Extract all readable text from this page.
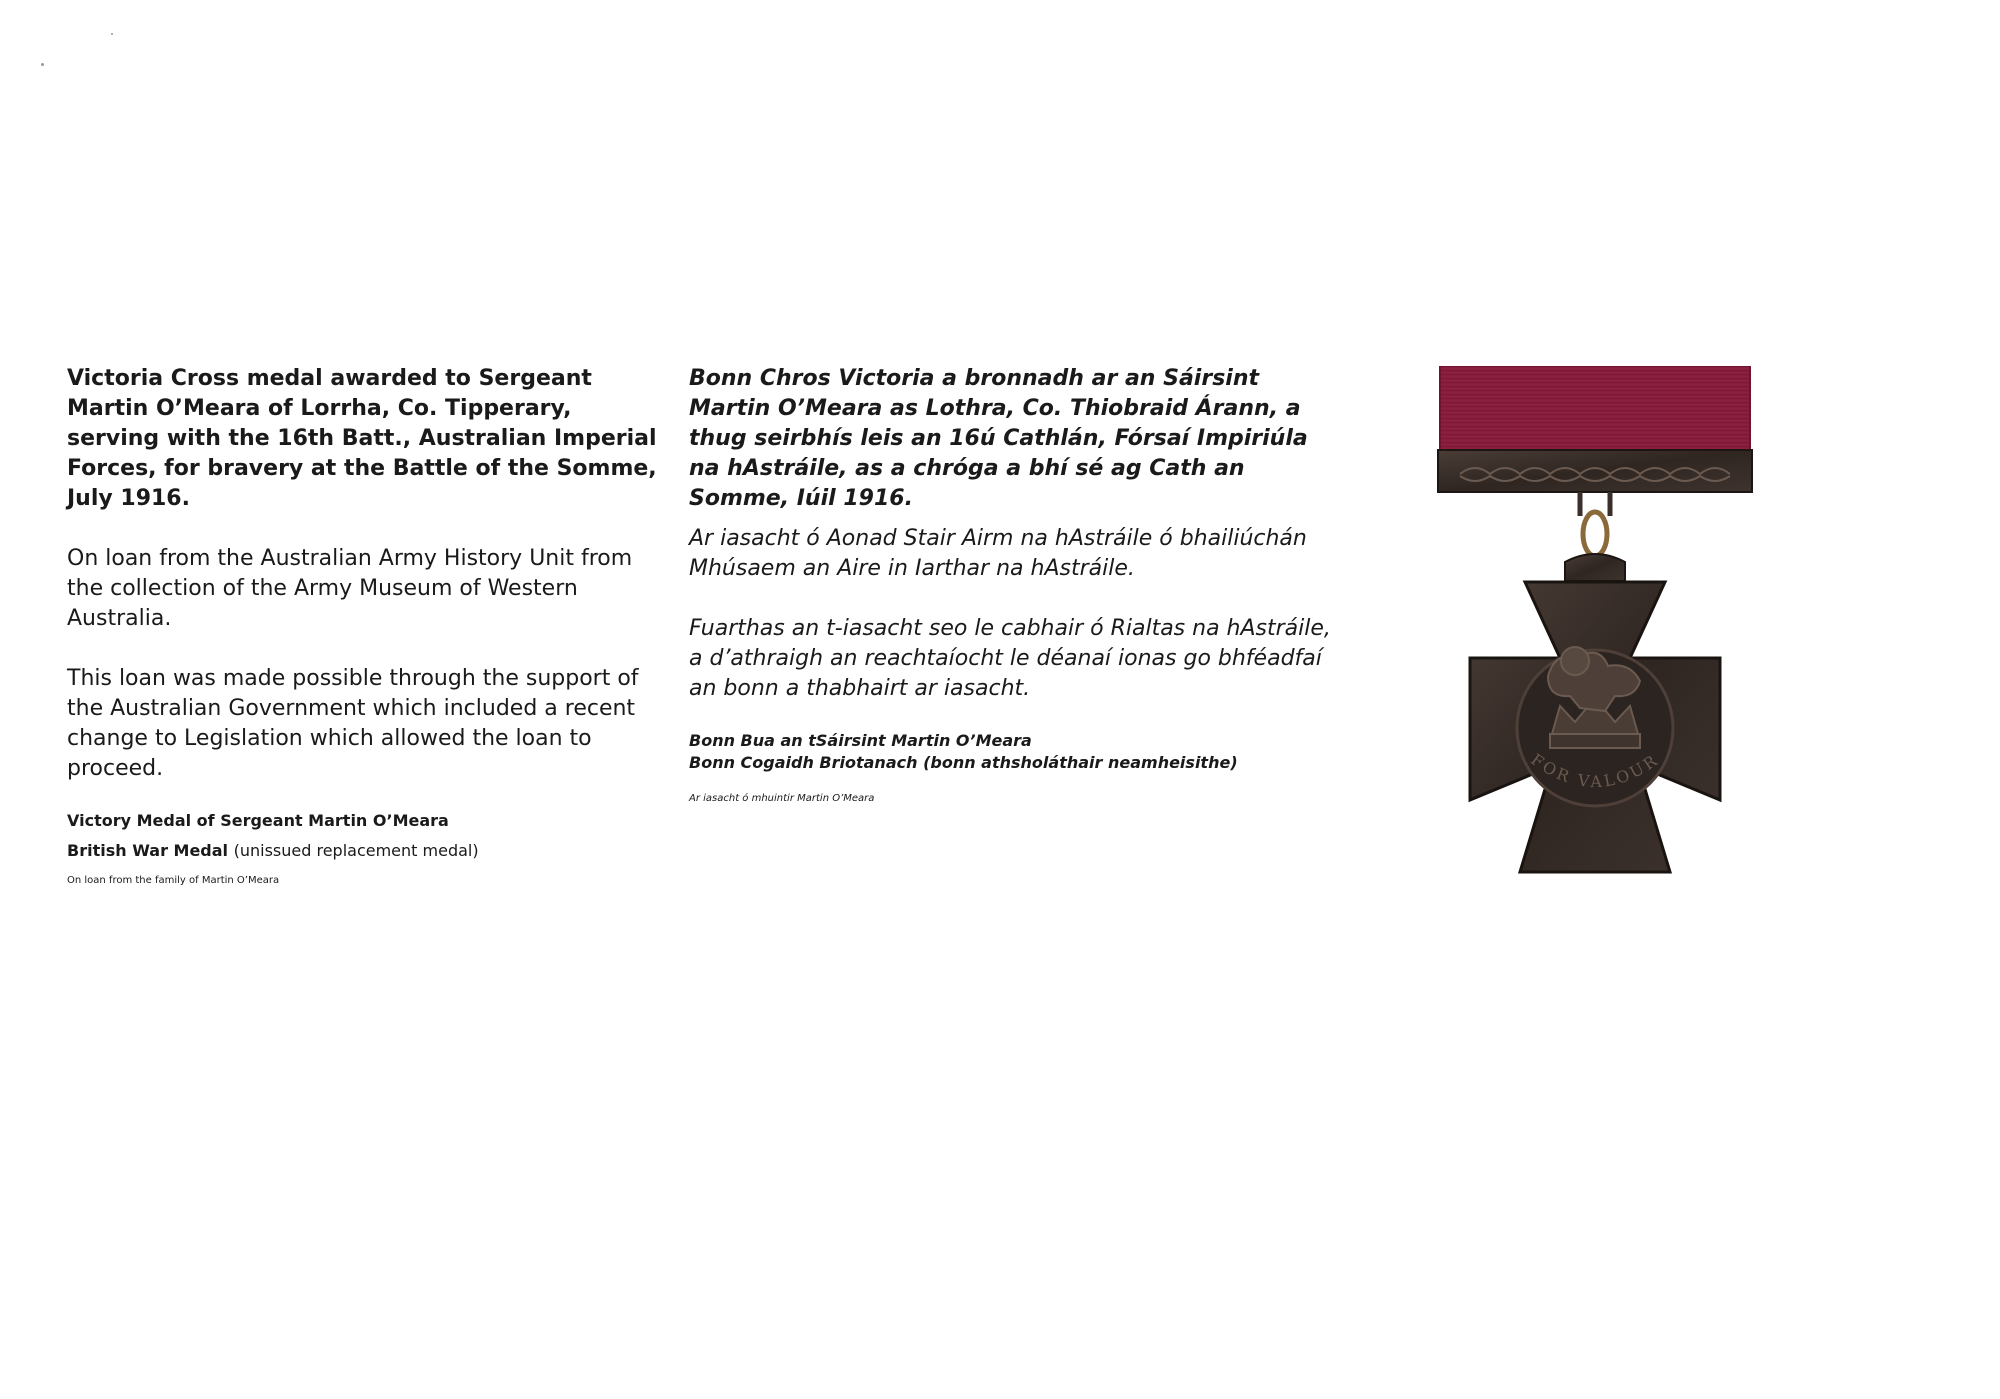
Victoria Cross medal awarded to Sergeant Martin O’Meara of Lorrha, Co. Tipperary, serving with the 16th Batt., Australian Imperial Forces, for bravery at the Battle of the Somme, July 1916.

On loan from the Australian Army History Unit from the collection of the Army Museum of Western Australia.

This loan was made possible through the support of the Australian Government which included a recent change to Legislation which allowed the loan to proceed.

Victory Medal of Sergeant Martin O’Meara

British War Medal (unissued replacement medal)

On loan from the family of Martin O’Meara

Bonn Chros Victoria a bronnadh ar an Sáirsint Martin O’Meara as Lothra, Co. Thiobraid Árann, a thug seirbhís leis an 16ú Cathlán, Fórsaí Impiriúla na hAstráile, as a chróga a bhí sé ag Cath an Somme, Iúil 1916.

Ar iasacht ó Aonad Stair Airm na hAstráile ó bhailiúchán Mhúsaem an Aire in Iarthar na hAstráile.

Fuarthas an t-iasacht seo le cabhair ó Rialtas na hAstráile, a d’athraigh an reachtaíocht le déanaí ionas go bhféadfaí an bonn a thabhairt ar iasacht.

Bonn Bua an tSáirsint Martin O’Meara

Bonn Cogaidh Briotanach (bonn athsholáthair neamheisithe)

Ar iasacht ó mhuintir Martin O’Meara

FOR VALOUR
